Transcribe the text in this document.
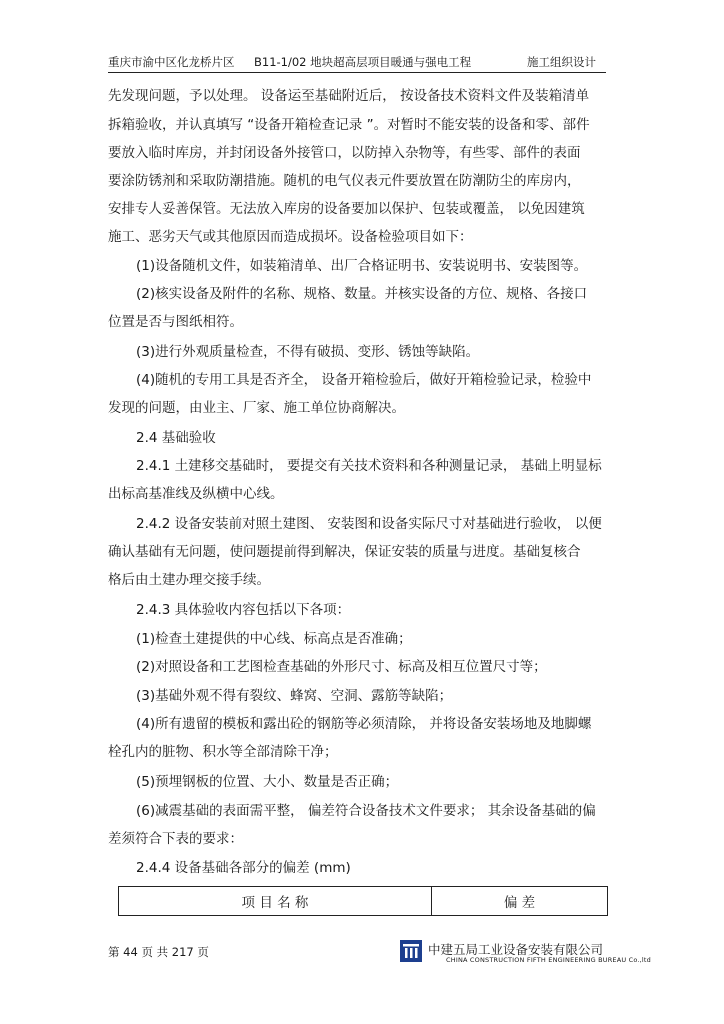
重庆市渝中区化龙桥片区 B11-1/02 地块超高层项目暖通与强电工程	施工组织设计
先发现问题，予以处理。 设备运至基础附近后， 按设备技术资料文件及装箱清单
拆箱验收，并认真填写 “设备开箱检查记录 ”。对暂时不能安装的设备和零、部件
要放入临时库房，并封闭设备外接管口，以防掉入杂物等，有些零、部件的表面
要涂防锈剂和采取防潮措施。随机的电气仪表元件要放置在防潮防尘的库房内，
安排专人妥善保管。无法放入库房的设备要加以保护、包装或覆盖， 以免因建筑
施工、恶劣天气或其他原因而造成损坏。设备检验项目如下：
(1)设备随机文件，如装箱清单、出厂合格证明书、安装说明书、安装图等。
(2)核实设备及附件的名称、规格、数量。并核实设备的方位、规格、各接口
位置是否与图纸相符。
(3)进行外观质量检查，不得有破损、变形、锈蚀等缺陷。
(4)随机的专用工具是否齐全， 设备开箱检验后，做好开箱检验记录，检验中
发现的问题，由业主、厂家、施工单位协商解决。
2.4 基础验收
2.4.1 土建移交基础时， 要提交有关技术资料和各种测量记录， 基础上明显标
出标高基准线及纵横中心线。
2.4.2 设备安装前对照土建图、 安装图和设备实际尺寸对基础进行验收， 以便
确认基础有无问题，使问题提前得到解决，保证安装的质量与进度。基础复核合
格后由土建办理交接手续。
2.4.3 具体验收内容包括以下各项：
(1)检查土建提供的中心线、标高点是否准确；
(2)对照设备和工艺图检查基础的外形尺寸、标高及相互位置尺寸等；
(3)基础外观不得有裂纹、蜂窝、空洞、露筋等缺陷；
(4)所有遗留的模板和露出砼的钢筋等必须清除， 并将设备安装场地及地脚螺
栓孔内的脏物、积水等全部清除干净；
(5)预埋钢板的位置、大小、数量是否正确；
(6)减震基础的表面需平整， 偏差符合设备技术文件要求； 其余设备基础的偏
差须符合下表的要求：
2.4.4 设备基础各部分的偏差 (mm)
项 目 名 称	偏 差
第 44 页 共 217 页	中建五局工业设备安装有限公司
CHINA CONSTRUCTION FIFTH ENGINEERING BUREAU Co.,ltd
